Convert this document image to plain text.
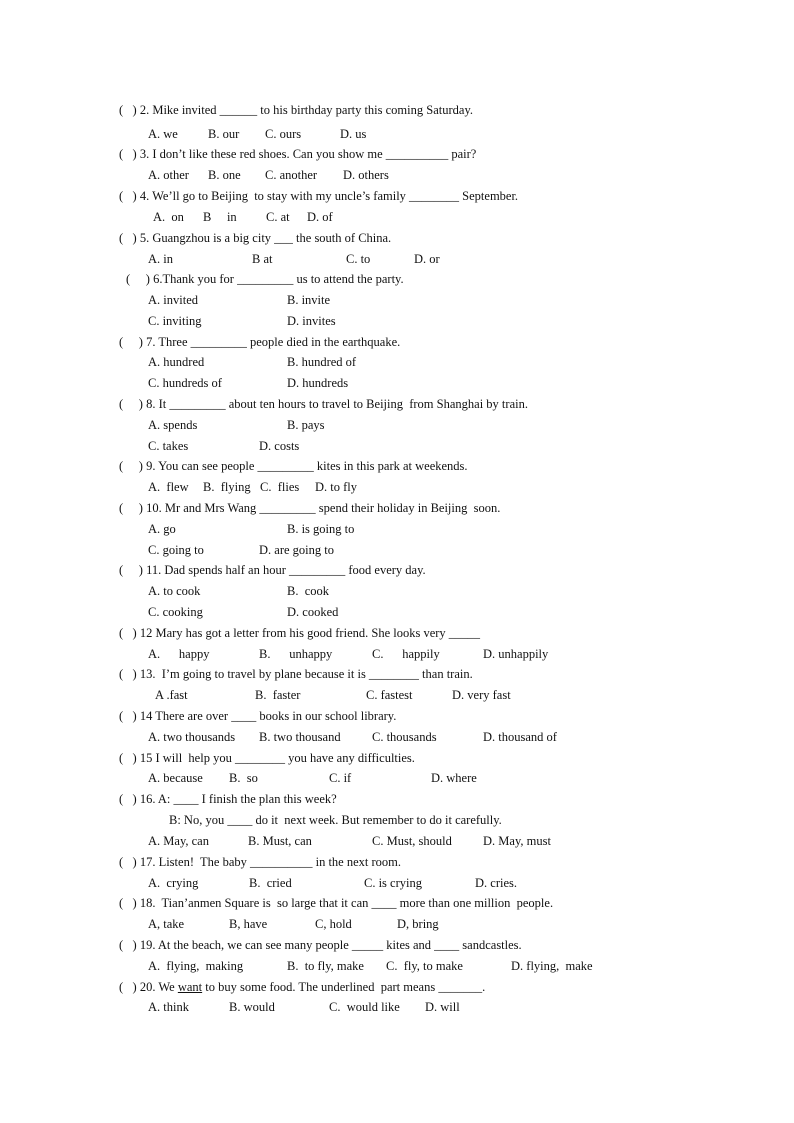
(   ) 2. Mike invited ______ to his birthday party this coming Saturday.
A. we B. our C. ours	D. us
(   ) 3. I don’t like these red shoes. Can you show me __________ pair?
A. other B. one C. another D. others
(   ) 4. We’ll go to Beijing  to stay with my uncle’s family ________ September.
A.  on B     in C. at D. of
(   ) 5. Guangzhou is a big city ___ the south of China.
A. in	B at	C. to	D. or
(     ) 6.Thank you for _________ us to attend the party.
A. invited	B. invite
C. inviting	D. invites
(     ) 7. Three _________ people died in the earthquake.
A. hundred	B. hundred of
C. hundreds of	D. hundreds
(     ) 8. It _________ about ten hours to travel to Beijing  from Shanghai by train.
A. spends	B. pays
C. takes	D. costs
(     ) 9. You can see people _________ kites in this park at weekends.
A.  flew B.  flying C.  flies D. to fly
(     ) 10. Mr and Mrs Wang _________ spend their holiday in Beijing  soon.
A. go	B. is going to
C. going to	D. are going to
(     ) 11. Dad spends half an hour _________ food every day.
A. to cook	B.  cook
C. cooking	D. cooked
(   ) 12 Mary has got a letter from his good friend. She looks very _____
A.      happy	B.      unhappy	C.      happily	D. unhappily
(   ) 13.  I’m going to travel by plane because it is ________ than train.
A .fast	B.  faster	C. fastest	D. very fast
(   ) 14 There are over ____ books in our school library.
A. two thousands B. two thousand	C. thousands	D. thousand of
(   ) 15 I will  help you ________ you have any difficulties.
A. because B.  so	C. if	D. where
(   ) 16. A: ____ I finish the plan this week?
B: No, you ____ do it  next week. But remember to do it carefully.
A. May, can	B. Must, can	C. Must, should D. May, must
(   ) 17. Listen!  The baby __________ in the next room.
A.  crying	B.  cried	C. is crying	D. cries.
(   ) 18.  Tian’anmen Square is  so large that it can ____ more than one million  people.
A, take	B, have	C, hold	D, bring
(   ) 19. At the beach, we can see many people _____ kites and ____ sandcastles.
A.  flying,  making	B.  to fly, make C.  fly, to make	D. flying,  make
(   ) 20. We want to buy some food. The underlined  part means _______.
A. think	B. would	C.  would like D. will
